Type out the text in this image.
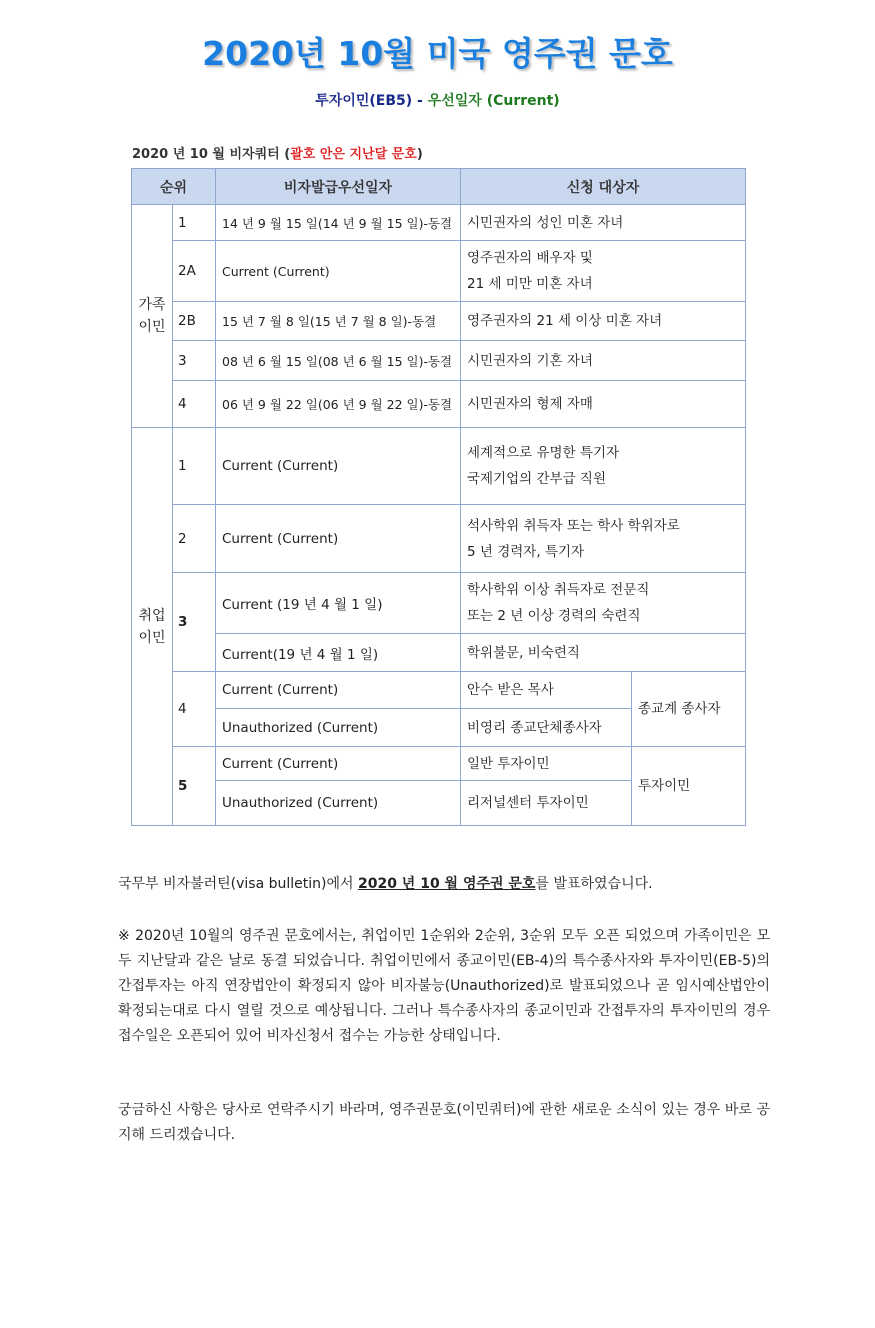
2020년 10월 미국 영주권 문호
투자이민(EB5) - 우선일자 (Current)
2020 년 10 월 비자쿼터 (괄호 안은 지난달 문호)
순위		비자발급우선일자	신청 대상자	
가족
이민	1	14 년 9 월 15 일(14 년 9 월 15 일)-동결	시민권자의 성인 미혼 자녀	
	2A	Current (Current)	영주권자의 배우자 및
21 세 미만 미혼 자녀	
	2B	15 년 7 월 8 일(15 년 7 월 8 일)-동결	영주권자의 21 세 이상 미혼 자녀	
	3	08 년 6 월 15 일(08 년 6 월 15 일)-동결	시민권자의 기혼 자녀	
	4	06 년 9 월 22 일(06 년 9 월 22 일)-동결	시민권자의 형제 자매	
취업
이민	1	Current (Current)	세계적으로 유명한 특기자
국제기업의 간부급 직원	
	2	Current (Current)	석사학위 취득자 또는 학사 학위자로
5 년 경력자, 특기자	
	3	Current (19 년 4 월 1 일)	학사학위 이상 취득자로 전문직
또는 2 년 이상 경력의 숙련직	
		Current(19 년 4 월 1 일)	학위불문, 비숙련직	
	4	Current (Current)	안수 받은 목사	종교계 종사자
		Unauthorized (Current)	비영리 종교단체종사자	
	5	Current (Current)	일반 투자이민	투자이민
		Unauthorized (Current)	리저널센터 투자이민	
국무부 비자불러틴(visa bulletin)에서 2020 년 10 월 영주권 문호를 발표하였습니다.
※ 2020년 10월의 영주권 문호에서는, 취업이민 1순위와 2순위, 3순위 모두 오픈 되었으며 가족이민은 모두 지난달과 같은 날로 동결 되었습니다. 취업이민에서 종교이민(EB-4)의 특수종사자와 투자이민(EB-5)의 간접투자는 아직 연장법안이 확정되지 않아 비자불능(Unauthorized)로 발표되었으나 곧 임시예산법안이 확정되는대로 다시 열릴 것으로 예상됩니다. 그러나 특수종사자의 종교이민과 간접투자의 투자이민의 경우 접수일은 오픈되어 있어 비자신청서 접수는 가능한 상태입니다.
궁금하신 사항은 당사로 연락주시기 바라며, 영주권문호(이민쿼터)에 관한 새로운 소식이 있는 경우 바로 공지해 드리겠습니다.
